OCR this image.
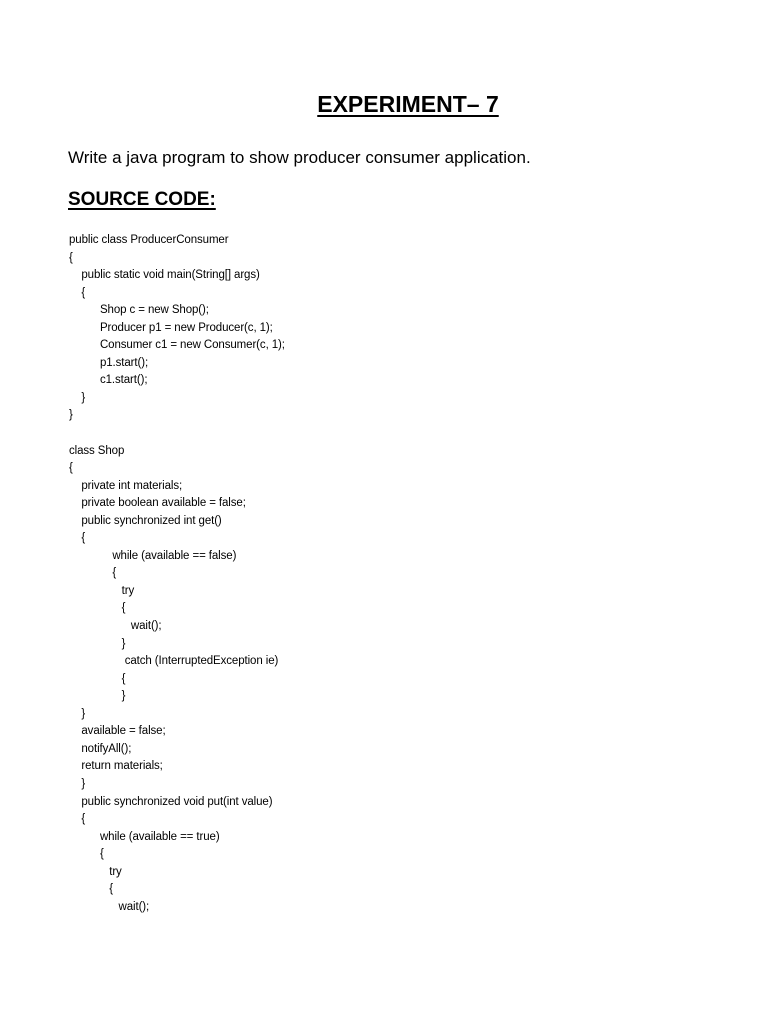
EXPERIMENT– 7
Write a java program to show producer consumer application.
SOURCE CODE:
public class ProducerConsumer
{
public static void main(String[] args)
{
Shop c = new Shop();
Producer p1 = new Producer(c, 1);
Consumer c1 = new Consumer(c, 1);
p1.start();
c1.start();
}
}
class Shop
{
private int materials;
private boolean available = false;
public synchronized int get()
{
while (available == false)
{
try
{
wait();
}
catch (InterruptedException ie)
{
}
}
available = false;
notifyAll();
return materials;
}
public synchronized void put(int value)
{
while (available == true)
{
try
{
wait();
